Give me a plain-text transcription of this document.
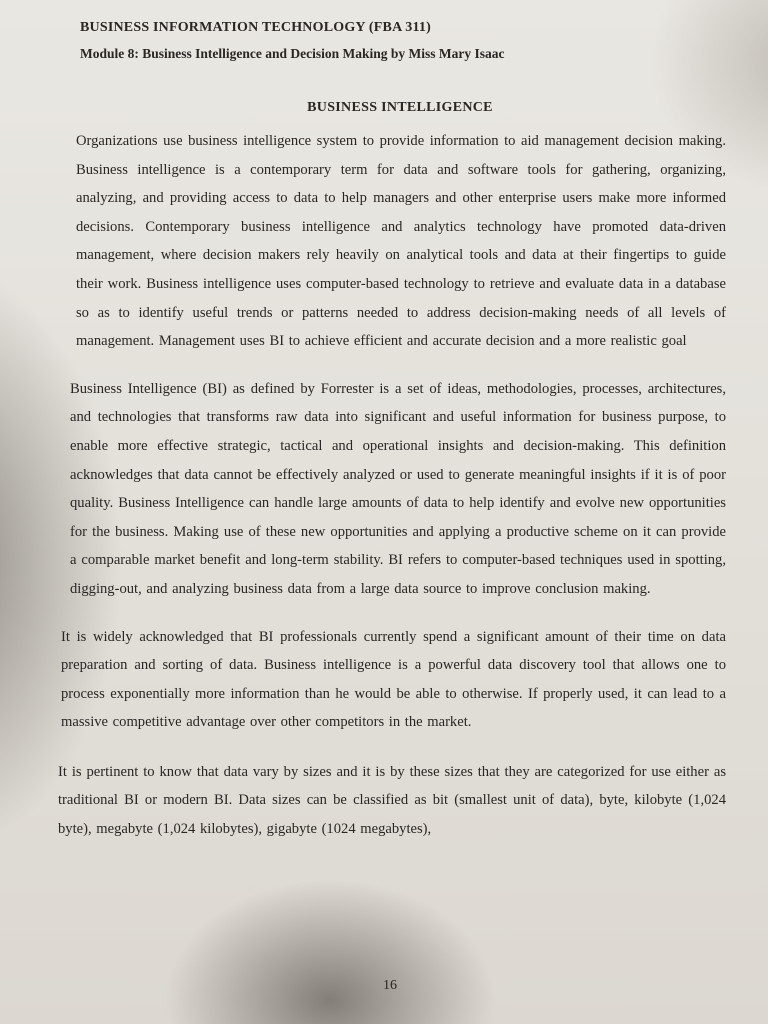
BUSINESS INFORMATION TECHNOLOGY (FBA 311)

Module 8: Business Intelligence and Decision Making by Miss Mary Isaac

BUSINESS INTELLIGENCE

Organizations use business intelligence system to provide information to aid management decision making. Business intelligence is a contemporary term for data and software tools for gathering, organizing, analyzing, and providing access to data to help managers and other enterprise users make more informed decisions. Contemporary business intelligence and analytics technology have promoted data-driven management, where decision makers rely heavily on analytical tools and data at their fingertips to guide their work. Business intelligence uses computer-based technology to retrieve and evaluate data in a database so as to identify useful trends or patterns needed to address decision-making needs of all levels of management. Management uses BI to achieve efficient and accurate decision and a more realistic goal

Business Intelligence (BI) as defined by Forrester is a set of ideas, methodologies, processes, architectures, and technologies that transforms raw data into significant and useful information for business purpose, to enable more effective strategic, tactical and operational insights and decision-making. This definition acknowledges that data cannot be effectively analyzed or used to generate meaningful insights if it is of poor quality. Business Intelligence can handle large amounts of data to help identify and evolve new opportunities for the business. Making use of these new opportunities and applying a productive scheme on it can provide a comparable market benefit and long-term stability. BI refers to computer-based techniques used in spotting, digging-out, and analyzing business data from a large data source to improve conclusion making.

It is widely acknowledged that BI professionals currently spend a significant amount of their time on data preparation and sorting of data. Business intelligence is a powerful data discovery tool that allows one to process exponentially more information than he would be able to otherwise. If properly used, it can lead to a massive competitive advantage over other competitors in the market.

It is pertinent to know that data vary by sizes and it is by these sizes that they are categorized for use either as traditional BI or modern BI. Data sizes can be classified as bit (smallest unit of data), byte, kilobyte (1,024 byte), megabyte (1,024 kilobytes), gigabyte (1024 megabytes),

16
